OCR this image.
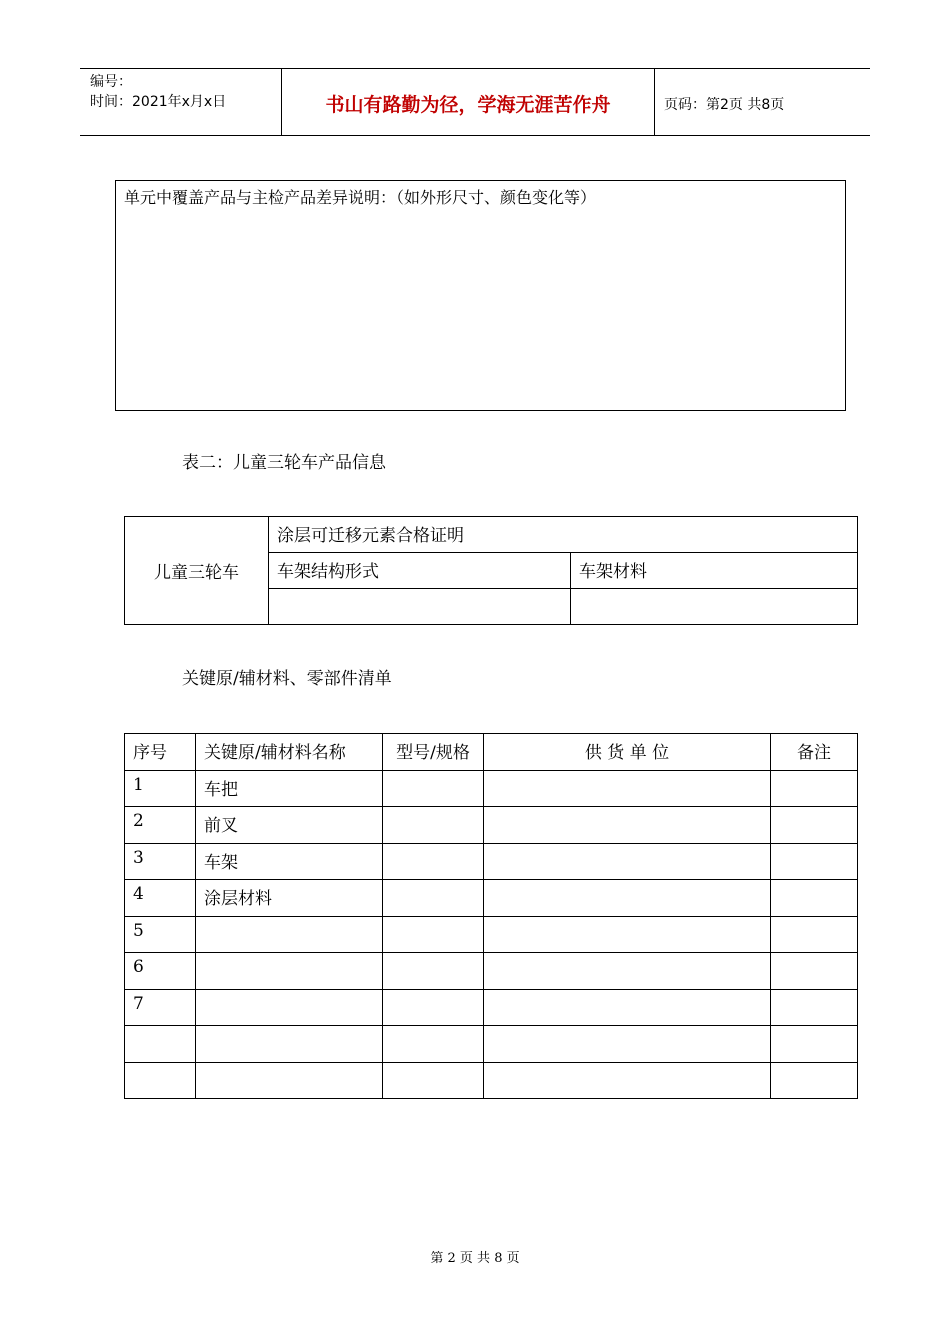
编号：
时间：2021年x月x日	书山有路勤为径，学海无涯苦作舟	页码：第2页 共8页
单元中覆盖产品与主检产品差异说明：（如外形尺寸、颜色变化等）
表二：儿童三轮车产品信息
儿童三轮车	涂层可迁移元素合格证明	
	车架结构形式	车架材料

关键原/辅材料、零部件清单
序号	关键原/辅材料名称	型号/规格	供 货 单 位	备注
1	车把			
2	前叉			
3	车架			
4	涂层材料			
5				
6				
7				

第 2 页 共 8 页
